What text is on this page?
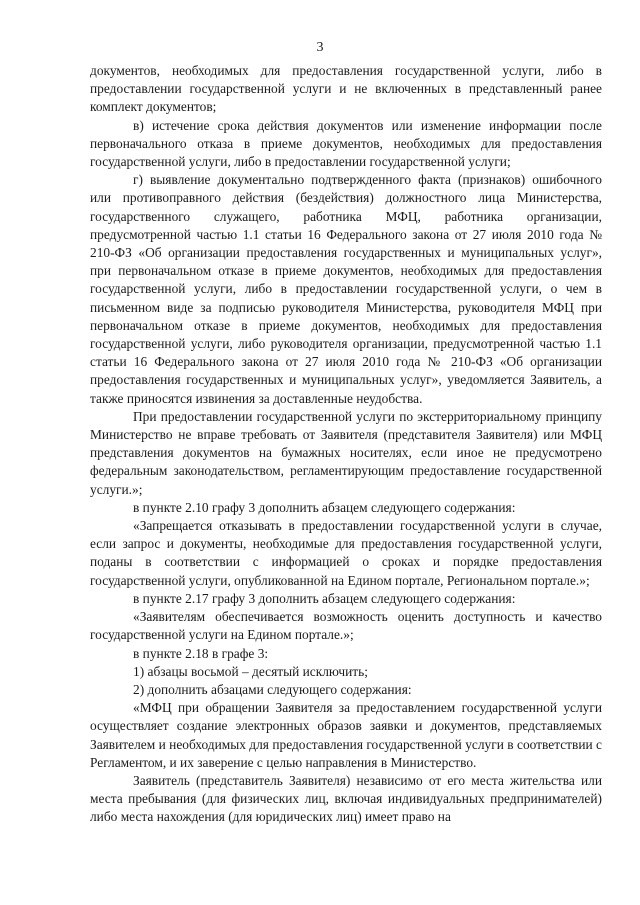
3

документов, необходимых для предоставления государственной услуги, либо в предоставлении государственной услуги и не включенных в представленный ранее комплект документов;

в) истечение срока действия документов или изменение информации после первоначального отказа в приеме документов, необходимых для предоставления государственной услуги, либо в предоставлении государственной услуги;

г) выявление документально подтвержденного факта (признаков) ошибочного или противоправного действия (бездействия) должностного лица Министерства, государственного служащего, работника МФЦ, работника организации, предусмотренной частью 1.1 статьи 16 Федерального закона от 27 июля 2010 года № 210-ФЗ «Об организации предоставления государственных и муниципальных услуг», при первоначальном отказе в приеме документов, необходимых для предоставления государственной услуги, либо в предоставлении государственной услуги, о чем в письменном виде за подписью руководителя Министерства, руководителя МФЦ при первоначальном отказе в приеме документов, необходимых для предоставления государственной услуги, либо руководителя организации, предусмотренной частью 1.1 статьи 16 Федерального закона от 27 июля 2010 года № 210-ФЗ «Об организации предоставления государственных и муниципальных услуг», уведомляется Заявитель, а также приносятся извинения за доставленные неудобства.

При предоставлении государственной услуги по экстерриториальному принципу Министерство не вправе требовать от Заявителя (представителя Заявителя) или МФЦ представления документов на бумажных носителях, если иное не предусмотрено федеральным законодательством, регламентирующим предоставление государственной услуги.»;

в пункте 2.10 графу 3 дополнить абзацем следующего содержания:

«Запрещается отказывать в предоставлении государственной услуги в случае, если запрос и документы, необходимые для предоставления государственной услуги, поданы в соответствии с информацией о сроках и порядке предоставления государственной услуги, опубликованной на Едином портале, Региональном портале.»;

в пункте 2.17 графу 3 дополнить абзацем следующего содержания:

«Заявителям обеспечивается возможность оценить доступность и качество государственной услуги на Едином портале.»;

в пункте 2.18 в графе 3:

1) абзацы восьмой – десятый исключить;

2) дополнить абзацами следующего содержания:

«МФЦ при обращении Заявителя за предоставлением государственной услуги осуществляет создание электронных образов заявки и документов, представляемых Заявителем и необходимых для предоставления государственной услуги в соответствии с Регламентом, и их заверение с целью направления в Министерство.

Заявитель (представитель Заявителя) независимо от его места жительства или места пребывания (для физических лиц, включая индивидуальных предпринимателей) либо места нахождения (для юридических лиц) имеет право на
